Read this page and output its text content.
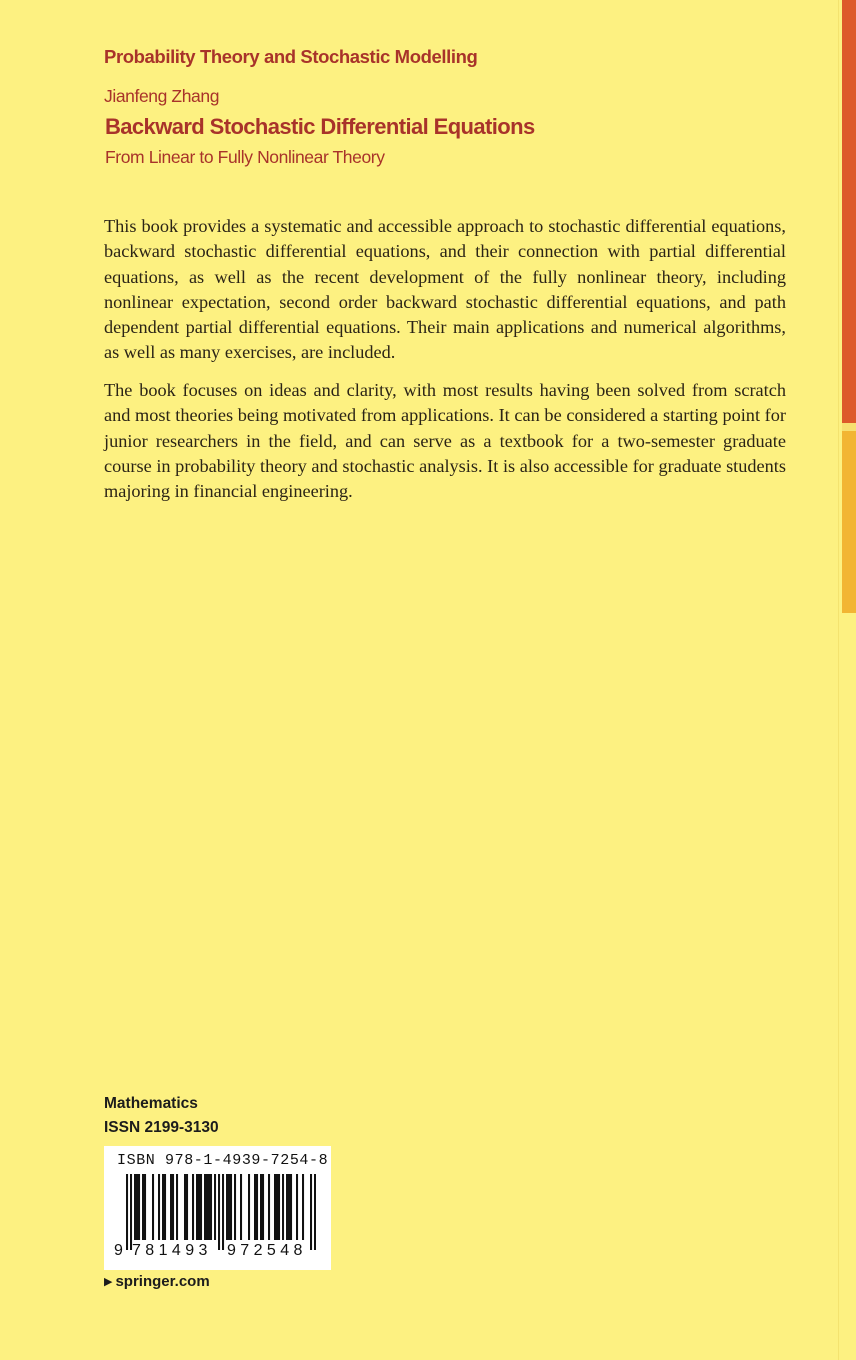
Probability Theory and Stochastic Modelling
Jianfeng Zhang
Backward Stochastic Differential Equations
From Linear to Fully Nonlinear Theory

This book provides a systematic and accessible approach to stochastic differential equations, backward stochastic differential equations, and their connection with partial differential equations, as well as the recent development of the fully nonlinear theory, including nonlinear expectation, second order backward stochastic differential equations, and path dependent partial differential equations. Their main applications and numerical algorithms, as well as many exercises, are included.

The book focuses on ideas and clarity, with most results having been solved from scratch and most theories being motivated from applications. It can be considered a starting point for junior researchers in the field, and can serve as a textbook for a two-semester graduate course in probability theory and stochastic analysis. It is also accessible for graduate students majoring in financial engineering.

Mathematics
ISSN 2199-3130
ISBN 978-1-4939-7254-8
9 781493 972548
▶ springer.com
